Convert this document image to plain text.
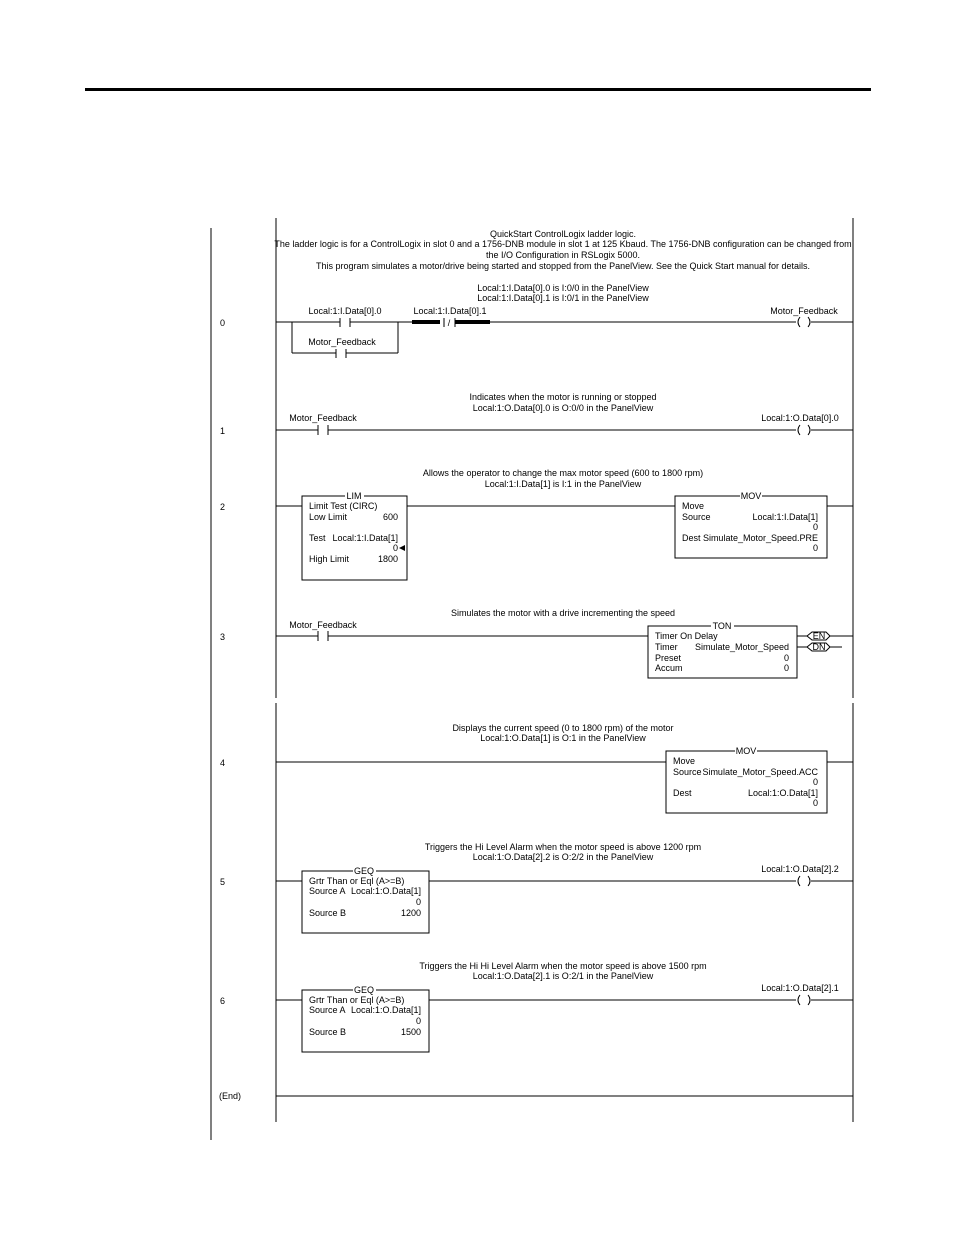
QuickStart ControlLogix ladder logic.
The ladder logic is for a ControlLogix in slot 0 and a 1756-DNB module in slot 1 at 125 Kbaud. The 1756-DNB configuration can be changed from
the I/O Configuration in RSLogix 5000.
This program simulates a motor/drive being started and stopped from the PanelView. See the Quick Start manual for details.
0
Local:1:I.Data[0].0 is I:0/0 in the PanelView
Local:1:I.Data[0].1 is I:0/1 in the PanelView
Local:1:I.Data[0].0
Motor_Feedback
Local:1:I.Data[0].1
/
Motor_Feedback
1
Indicates when the motor is running or stopped
Local:1:O.Data[0].0 is O:0/0 in the PanelView
Motor_Feedback	Local:1:O.Data[0].0
2
Allows the operator to change the max motor speed (600 to 1800 rpm)
Local:1:I.Data[1] is I:1 in the PanelView
LIM
Limit Test (CIRC)
Low Limit	600
Test Local:1:I.Data[1]
0
High Limit	1800
MOV
Move
Source	Local:1:I.Data[1]
0
Dest Simulate_Motor_Speed.PRE
0
3
Simulates the motor with a drive incrementing the speed
Motor_Feedback	TON
Timer On Delay
Timer Simulate_Motor_Speed
Preset	0
Accum	0
EN
DN
4
Displays the current speed (0 to 1800 rpm) of the motor
Local:1:O.Data[1] is O:1 in the PanelView
MOV
Move
Source Simulate_Motor_Speed.ACC
0
Dest	Local:1:O.Data[1]
0
5
Triggers the Hi Level Alarm when the motor speed is above 1200 rpm
Local:1:O.Data[2].2 is O:2/2 in the PanelView
GEQ
Grtr Than or Eql (A>=B)
Source A Local:1:O.Data[1]
0
Source B	1200
Local:1:O.Data[2].2
6
Triggers the Hi Hi Level Alarm when the motor speed is above 1500 rpm
Local:1:O.Data[2].1 is O:2/1 in the PanelView
GEQ
Grtr Than or Eql (A>=B)
Source A Local:1:O.Data[1]
0
Source B	1500
Local:1:O.Data[2].1
(End)
